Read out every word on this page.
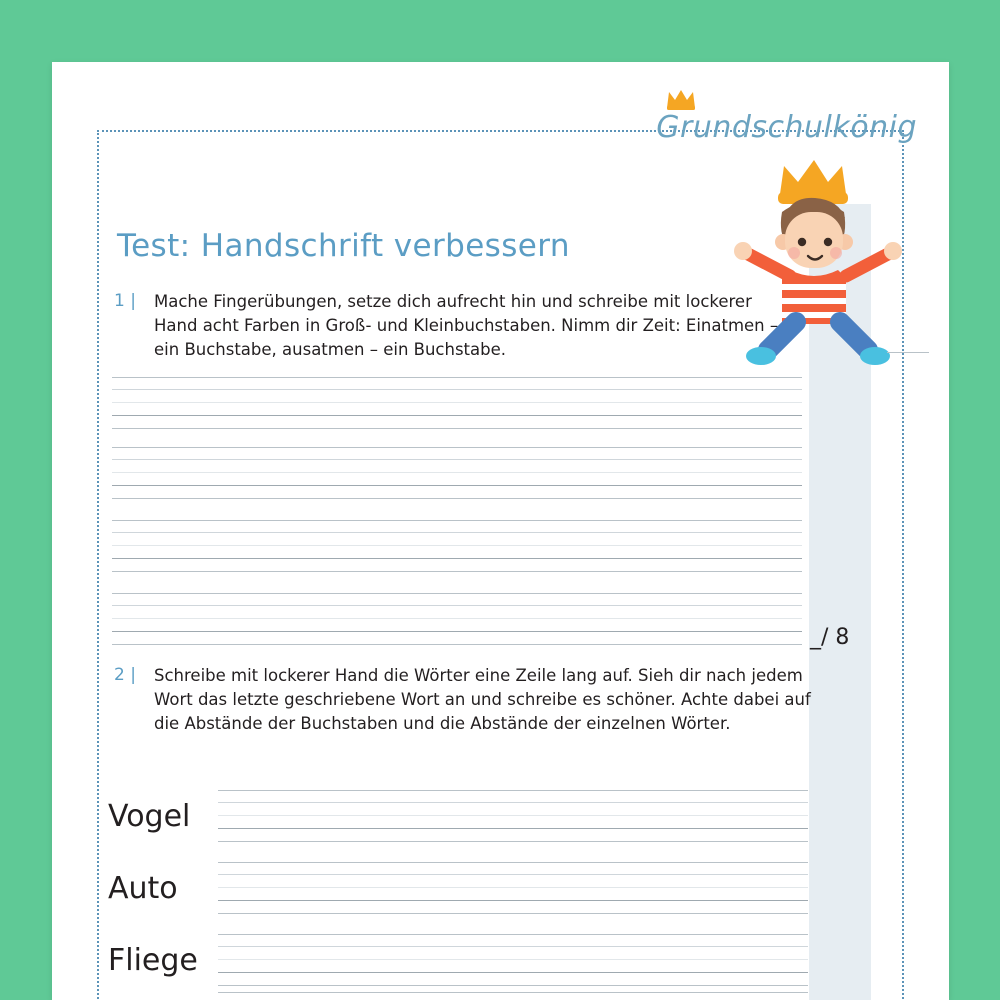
Grundschulkönig
Test: Handschrift verbessern
1 |	Mache Fingerübungen, setze dich aufrecht hin und schreibe mit lockerer Hand acht Farben in Groß- und Kleinbuchstaben. Nimm dir Zeit: Einatmen – ein Buchstabe, ausatmen – ein Buchstabe.
_/ 8
2 |	Schreibe mit lockerer Hand die Wörter eine Zeile lang auf. Sieh dir nach jedem Wort das letzte geschriebene Wort an und schreibe es schöner. Achte dabei auf die Abstände der Buchstaben und die Abstände der einzelnen Wörter.
Vogel
Auto
Fliege
